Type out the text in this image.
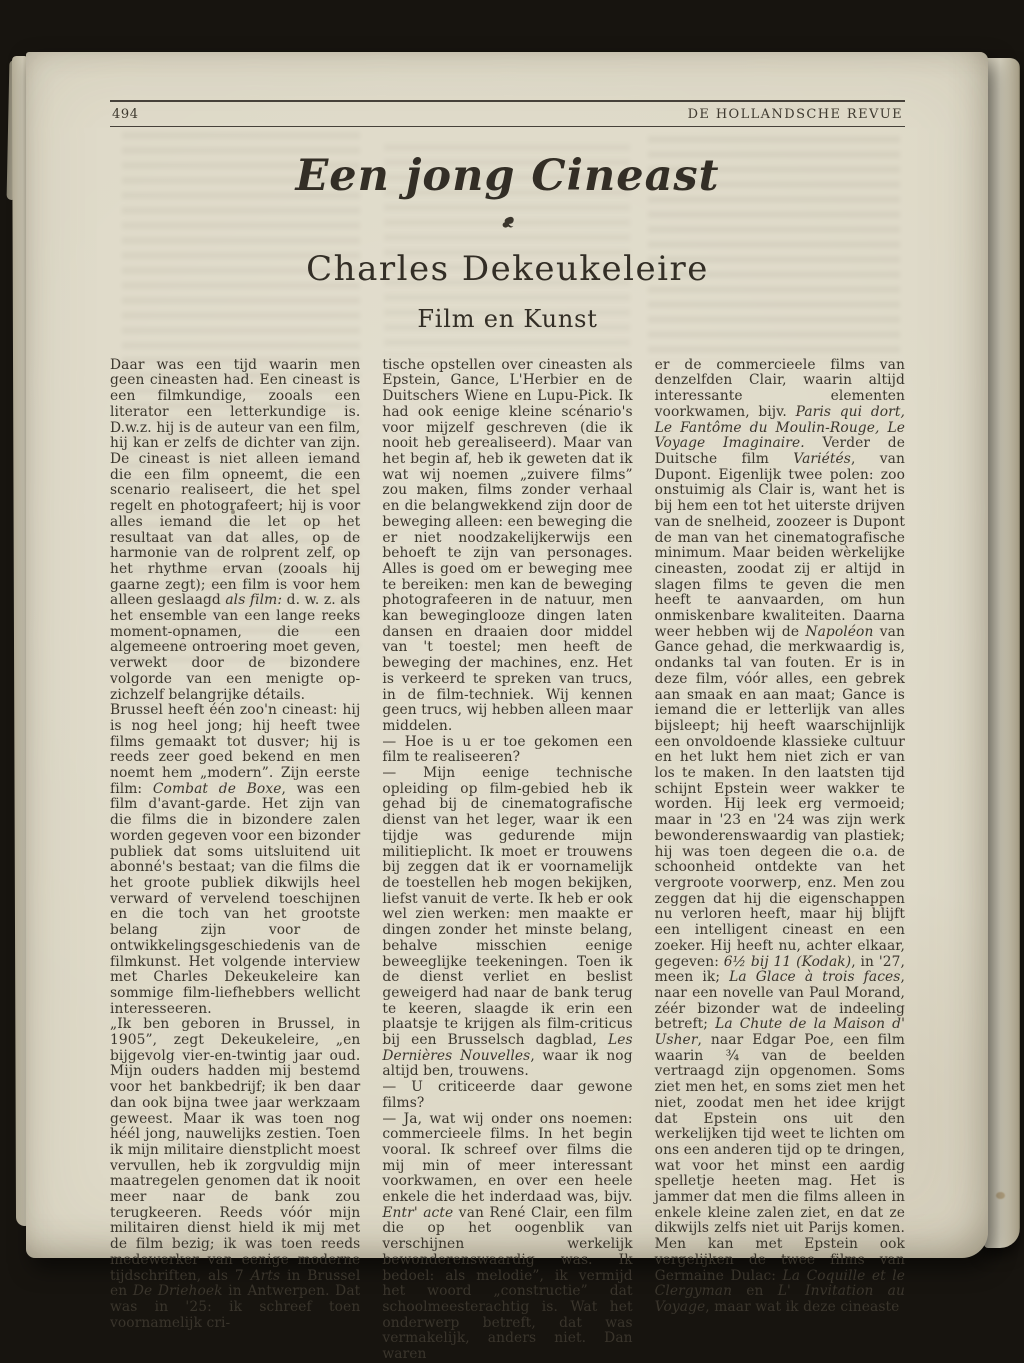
494	DE HOLLANDSCHE REVUE
Een jong Cineast
Charles Dekeukeleire
Film en Kunst

Daar was een tijd waarin men geen cineasten had. Een cineast is een filmkundige, zooals een literator een letterkundige is. D.w.z. hij is de auteur van een film, hij kan er zelfs de dichter van zijn. De cineast is niet alleen iemand die een film opneemt, die een scenario realiseert, die het spel regelt en photografeert; hij is voor alles iemand die let op het resultaat van dat alles, op de harmonie van de rolprent zelf, op het rhythme ervan (zooals hij gaarne zegt); een film is voor hem alleen geslaagd als film: d. w. z. als het ensemble van een lange reeks moment-opnamen, die een algemeene ontroering moet geven, verwekt door de bizondere volgorde van een menigte op-zichzelf belangrijke détails.

Brussel heeft één zoo'n cineast: hij is nog heel jong; hij heeft twee films gemaakt tot dusver; hij is reeds zeer goed bekend en men noemt hem „modern”. Zijn eerste film: Combat de Boxe, was een film d'avant-garde. Het zijn van die films die in bizondere zalen worden gegeven voor een bizonder publiek dat soms uitsluitend uit abonné's bestaat; van die films die het groote publiek dikwijls heel verward of vervelend toeschijnen en die toch van het grootste belang zijn voor de ontwikkelingsgeschiedenis van de filmkunst. Het volgende interview met Charles Dekeukeleire kan sommige film-liefhebbers wellicht interesseeren.

„Ik ben geboren in Brussel, in 1905”, zegt Dekeukeleire, „en bijgevolg vier-en-twintig jaar oud. Mijn ouders hadden mij bestemd voor het bankbedrijf; ik ben daar dan ook bijna twee jaar werkzaam geweest. Maar ik was toen nog héél jong, nauwelijks zestien. Toen ik mijn militaire dienstplicht moest vervullen, heb ik zorgvuldig mijn maatregelen genomen dat ik nooit meer naar de bank zou terugkeeren. Reeds vóór mijn militairen dienst hield ik mij met de film bezig; ik was toen reeds medewerker van eenige moderne tijdschriften, als 7 Arts in Brussel en De Driehoek in Antwerpen. Dat was in '25: ik schreef toen voornamelijk cri-

tische opstellen over cineasten als Epstein, Gance, L'Herbier en de Duitschers Wiene en Lupu-Pick. Ik had ook eenige kleine scénario's voor mijzelf geschreven (die ik nooit heb gerealiseerd). Maar van het begin af, heb ik geweten dat ik wat wij noemen „zuivere films” zou maken, films zonder verhaal en die belangwekkend zijn door de beweging alleen: een beweging die er niet noodzakelijkerwijs een behoeft te zijn van personages. Alles is goed om er beweging mee te bereiken: men kan de beweging photografeeren in de natuur, men kan beweginglooze dingen laten dansen en draaien door middel van 't toestel; men heeft de beweging der machines, enz. Het is verkeerd te spreken van trucs, in de film-techniek. Wij kennen geen trucs, wij hebben alleen maar middelen.

— Hoe is u er toe gekomen een film te realiseeren?

— Mijn eenige technische opleiding op film-gebied heb ik gehad bij de cinematografische dienst van het leger, waar ik een tijdje was gedurende mijn militieplicht. Ik moet er trouwens bij zeggen dat ik er voornamelijk de toestellen heb mogen bekijken, liefst vanuit de verte. Ik heb er ook wel zien werken: men maakte er dingen zonder het minste belang, behalve misschien eenige beweeglijke teekeningen. Toen ik de dienst verliet en beslist geweigerd had naar de bank terug te keeren, slaagde ik erin een plaatsje te krijgen als film-criticus bij een Brusselsch dagblad, Les Dernières Nouvelles, waar ik nog altijd ben, trouwens.

— U criticeerde daar gewone films?

— Ja, wat wij onder ons noemen: commercieele films. In het begin vooral. Ik schreef over films die mij min of meer interessant voorkwamen, en over een heele enkele die het inderdaad was, bijv. Entr' acte van René Clair, een film die op het oogenblik van verschijnen werkelijk bewonderenswaardig was. Ik bedoel: als melodie”, ik vermijd het woord „constructie” dat schoolmeesterachtig is. Wat het onderwerp betreft, dat was vermakelijk, anders niet. Dan waren

er de commercieele films van denzelfden Clair, waarin altijd interessante elementen voorkwamen, bijv. Paris qui dort, Le Fantôme du Moulin-Rouge, Le Voyage Imaginaire. Verder de Duitsche film Variétés, van Dupont. Eigenlijk twee polen: zoo onstuimig als Clair is, want het is bij hem een tot het uiterste drijven van de snelheid, zoozeer is Dupont de man van het cinematografische minimum. Maar beiden wèrkelijke cineasten, zoodat zij er altijd in slagen films te geven die men heeft te aanvaarden, om hun onmiskenbare kwaliteiten. Daarna weer hebben wij de Napoléon van Gance gehad, die merkwaardig is, ondanks tal van fouten. Er is in deze film, vóór alles, een gebrek aan smaak en aan maat; Gance is iemand die er letterlijk van alles bijsleept; hij heeft waarschijnlijk een onvoldoende klassieke cultuur en het lukt hem niet zich er van los te maken. In den laatsten tijd schijnt Epstein weer wakker te worden. Hij leek erg vermoeid; maar in '23 en '24 was zijn werk bewonderenswaardig van plastiek; hij was toen degeen die o.a. de schoonheid ontdekte van het vergroote voorwerp, enz. Men zou zeggen dat hij die eigenschappen nu verloren heeft, maar hij blijft een intelligent cineast en een zoeker. Hij heeft nu, achter elkaar, gegeven: 6½ bij 11 (Kodak), in '27, meen ik; La Glace à trois faces, naar een novelle van Paul Morand, zéér bizonder wat de indeeling betreft; La Chute de la Maison d' Usher, naar Edgar Poe, een film waarin ¾ van de beelden vertraagd zijn opgenomen. Soms ziet men het, en soms ziet men het niet, zoodat men het idee krijgt dat Epstein ons uit den werkelijken tijd weet te lichten om ons een anderen tijd op te dringen, wat voor het minst een aardig spelletje heeten mag. Het is jammer dat men die films alleen in enkele kleine zalen ziet, en dat ze dikwijls zelfs niet uit Parijs komen. Men kan met Epstein ook vergelijken de twee films van Germaine Dulac: La Coquille et le Clergyman en L' Invitation au Voyage, maar wat ik deze cineaste
